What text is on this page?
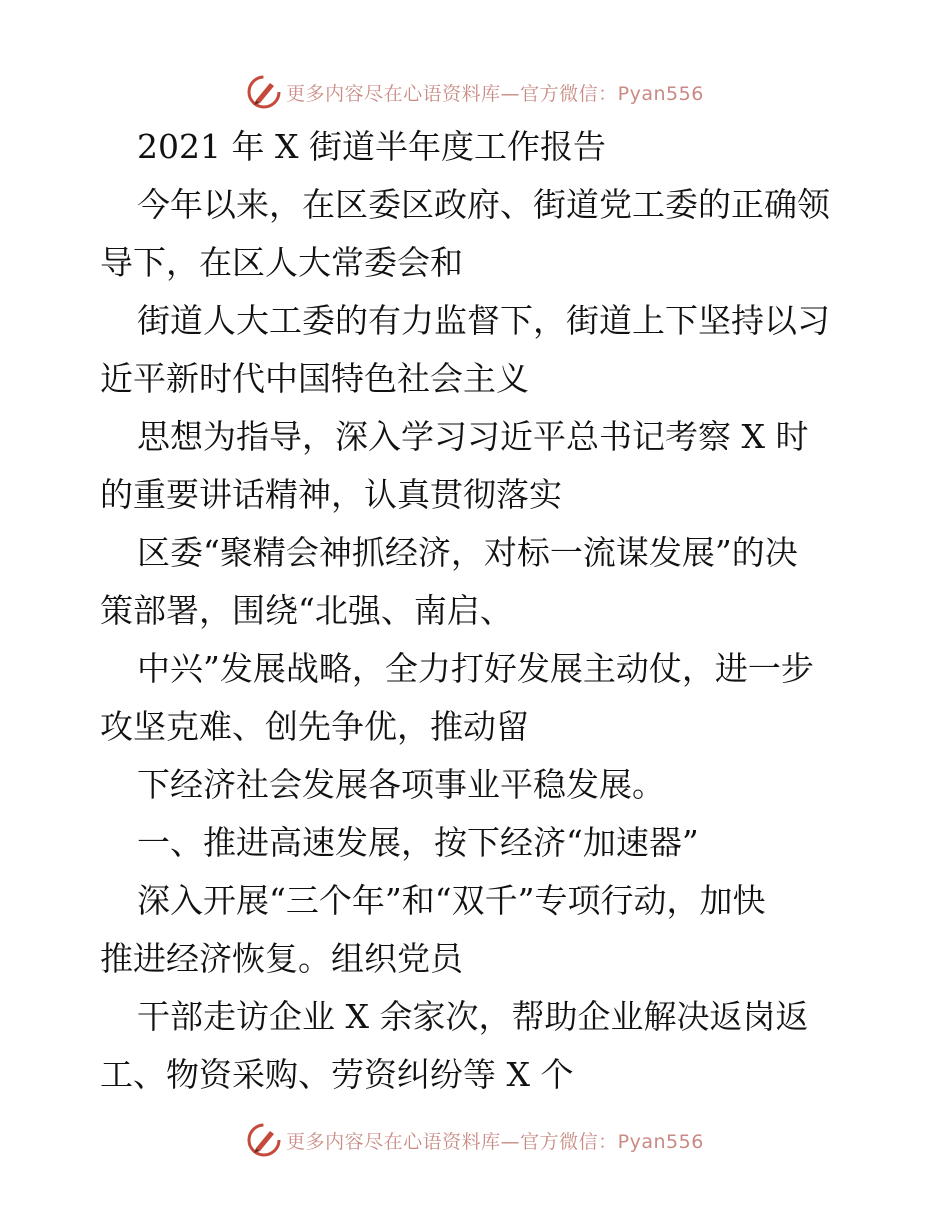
更多内容尽在心语资料库—官方微信：Pyan556
2021 年 X 街道半年度工作报告
今年以来，在区委区政府、街道党工委的正确领
导下，在区人大常委会和
街道人大工委的有力监督下，街道上下坚持以习
近平新时代中国特色社会主义
思想为指导，深入学习习近平总书记考察 X 时
的重要讲话精神，认真贯彻落实
区委“聚精会神抓经济，对标一流谋发展”的决
策部署，围绕“北强、南启、
中兴”发展战略，全力打好发展主动仗，进一步
攻坚克难、创先争优，推动留
下经济社会发展各项事业平稳发展。
一、推进高速发展，按下经济“加速器”
深入开展“三个年”和“双千”专项行动，加快
推进经济恢复。组织党员
干部走访企业 X 余家次，帮助企业解决返岗返
工、物资采购、劳资纠纷等 X 个
更多内容尽在心语资料库—官方微信：Pyan556
